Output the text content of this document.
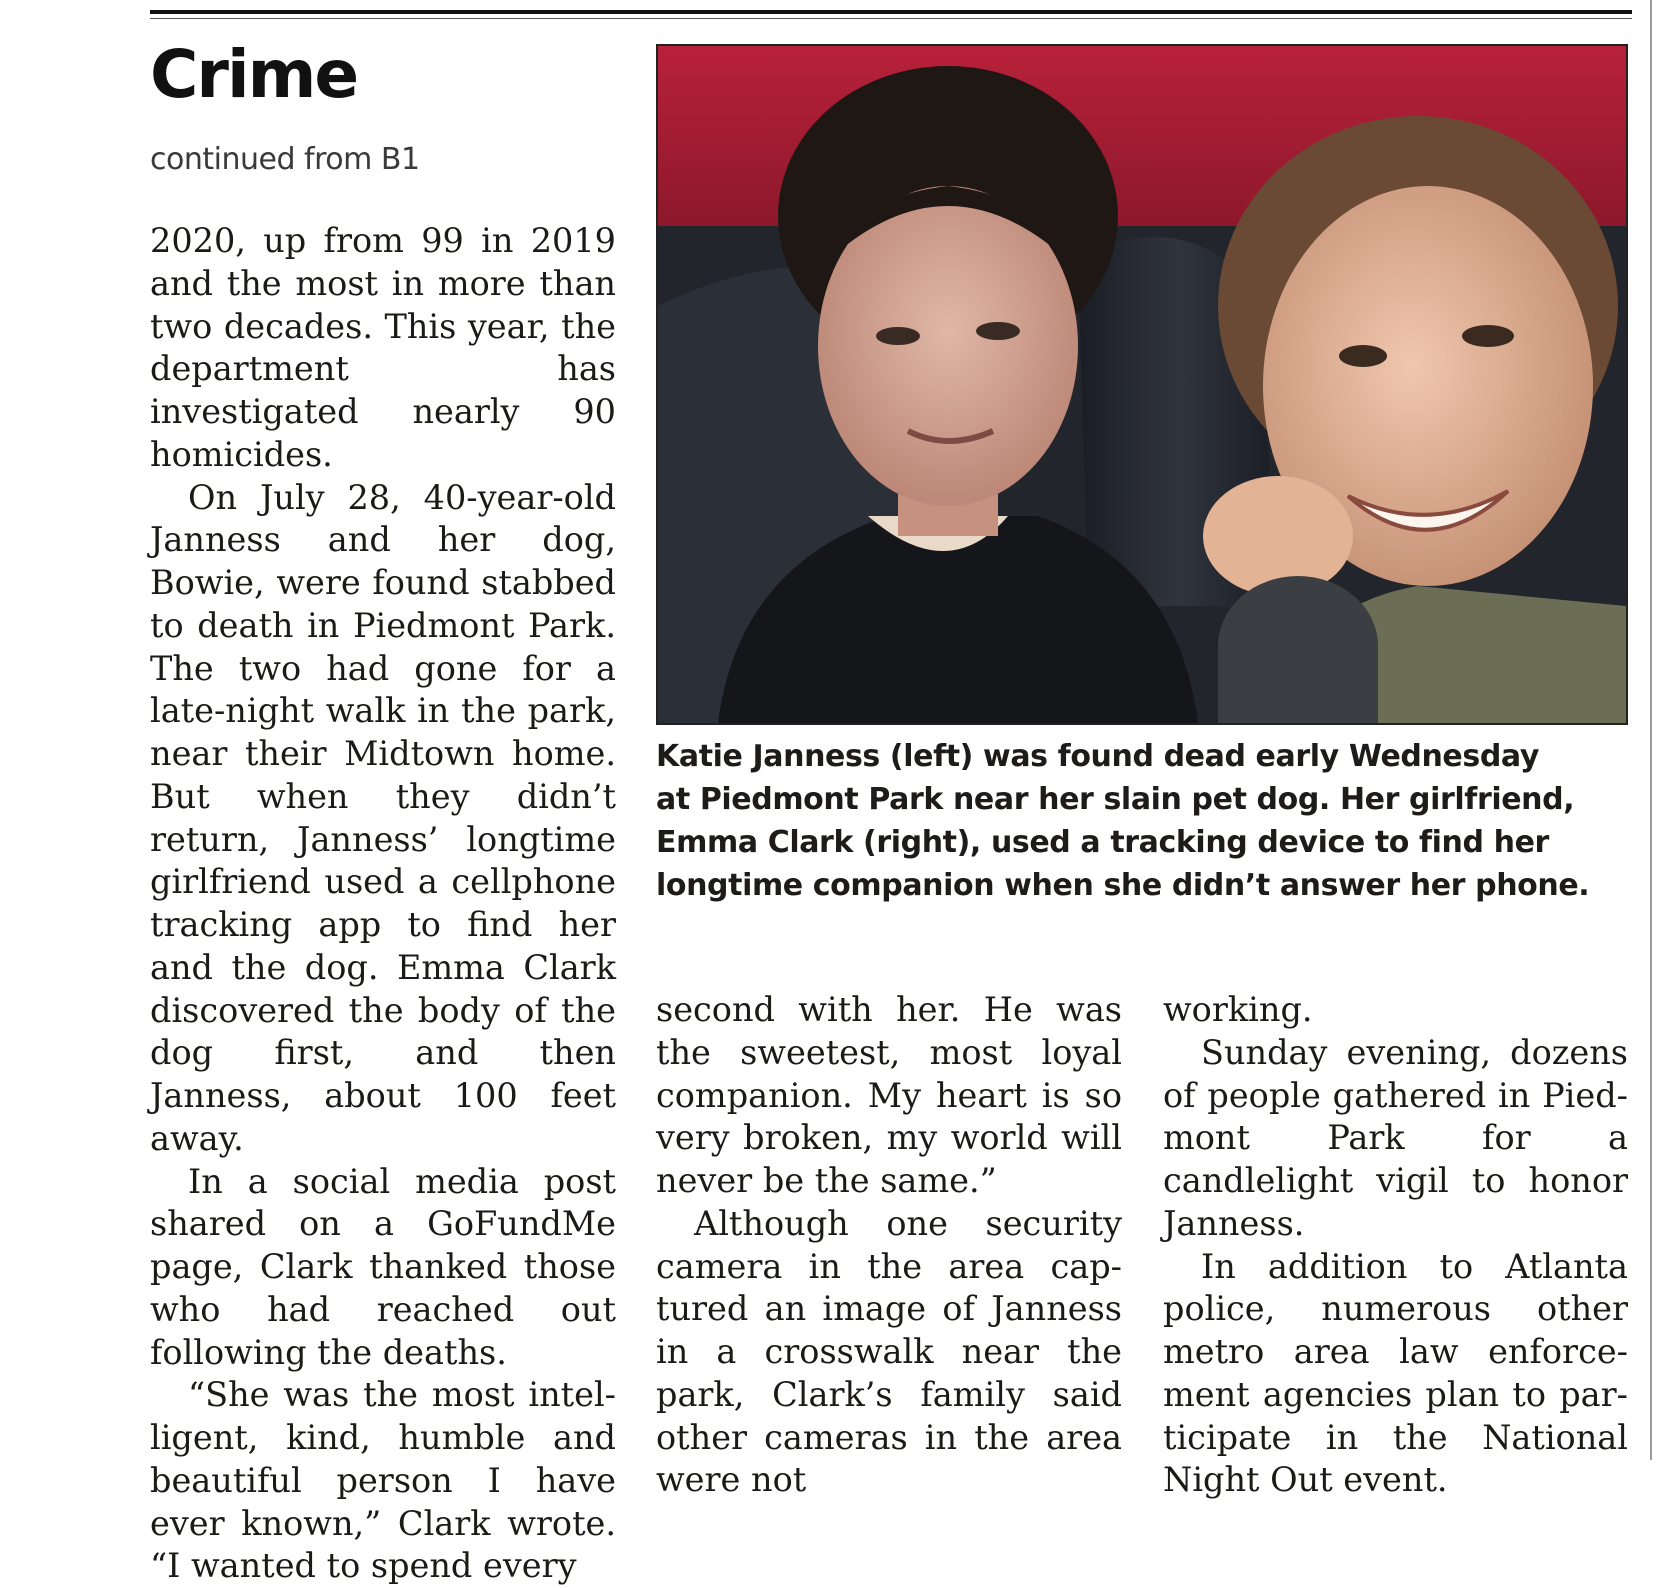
Crime
continued from B1

2020, up from 99 in 2019 and the most in more than two decades. This year, the department has investigated nearly 90 homicides.

On July 28, 40-year-old Janness and her dog, Bowie, were found stabbed to death in Piedmont Park. The two had gone for a late-night walk in the park, near their Midtown home. But when they didn’t return, Janness’ longtime girlfriend used a cellphone tracking app to find her and the dog. Emma Clark discovered the body of the dog first, and then Janness, about 100 feet away.

In a social media post shared on a GoFundMe page, Clark thanked those who had reached out following the deaths.

“She was the most intelligent, kind, humble and beautiful person I have ever known,” Clark wrote. “I wanted to spend every

Katie Janness (left) was found dead early Wednesday
at Piedmont Park near her slain pet dog. Her girlfriend,
Emma Clark (right), used a tracking device to find her
longtime companion when she didn’t answer her phone.

second with her. He was the sweetest, most loyal companion. My heart is so very broken, my world will never be the same.”

Although one security camera in the area captured an image of Janness in a crosswalk near the park, Clark’s family said other cameras in the area were not

working.

Sunday evening, dozens of people gathered in Piedmont Park for a candlelight vigil to honor Janness.

In addition to Atlanta police, numerous other metro area law enforcement agencies plan to participate in the National Night Out event.
